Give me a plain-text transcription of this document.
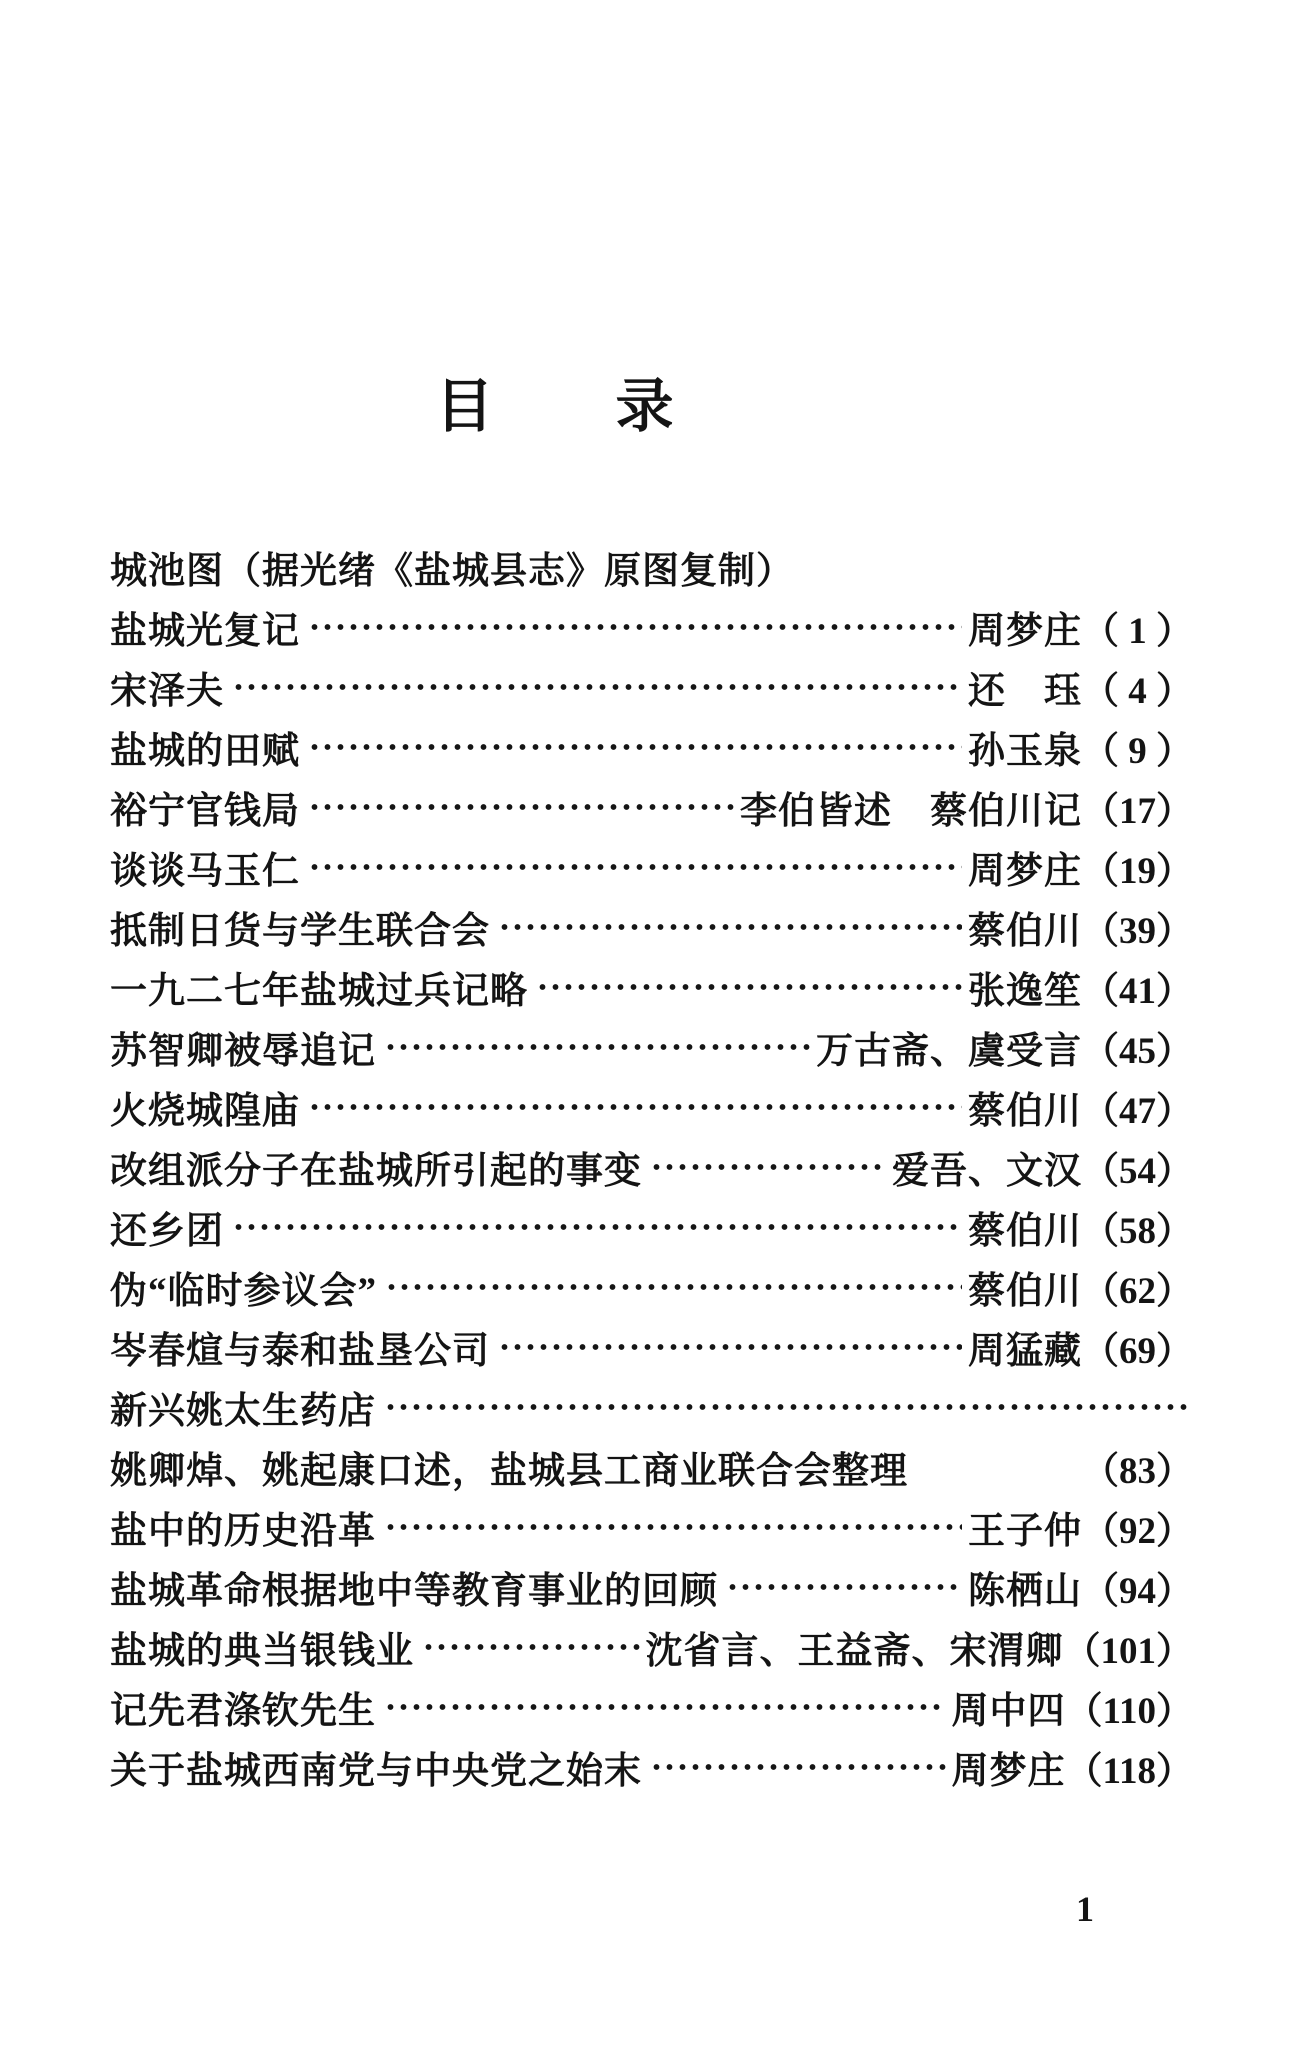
目　　录
城池图（据光绪《盐城县志》原图复制）
盐城光复记	周梦庄 （ 1 ）
宋泽夫	还　珏 （ 4 ）
盐城的田赋	孙玉泉 （ 9 ）
裕宁官钱局	李伯皆述　蔡伯川记 （17）
谈谈马玉仁	周梦庄 （19）
抵制日货与学生联合会	蔡伯川 （39）
一九二七年盐城过兵记略	张逸笙 （41）
苏智卿被辱追记	万古斋、虞受言 （45）
火烧城隍庙	蔡伯川 （47）
改组派分子在盐城所引起的事变	爱吾、文汉 （54）
还乡团	蔡伯川 （58）
伪“临时参议会”	蔡伯川 （62）
岑春煊与泰和盐垦公司	周猛藏 （69）
新兴姚太生药店
姚卿焯、姚起康口述，盐城县工商业联合会整理	（83）
盐中的历史沿革	王子仲 （92）
盐城革命根据地中等教育事业的回顾	陈栖山 （94）
盐城的典当银钱业	沈省言、王益斋、宋渭卿 （101）
记先君涤钦先生	周中四 （110）
关于盐城西南党与中央党之始末	周梦庄 （118）
1
